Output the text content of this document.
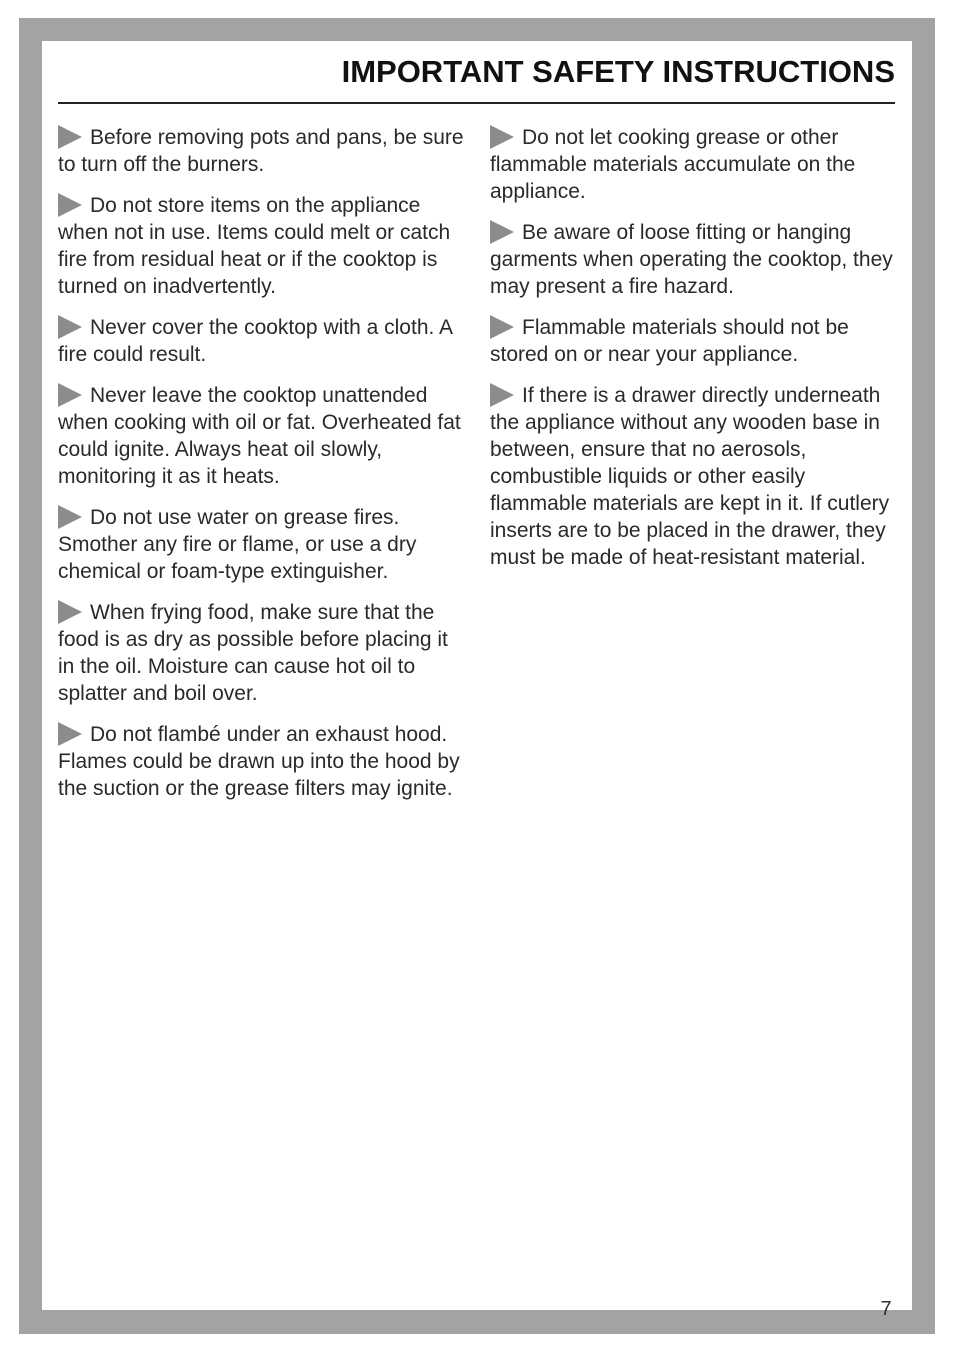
IMPORTANT SAFETY INSTRUCTIONS

Before removing pots and pans, be sure to turn off the burners.

Do not store items on the appliance when not in use. Items could melt or catch fire from residual heat or if the cooktop is turned on inadvertently.

Never cover the cooktop with a cloth. A fire could result.

Never leave the cooktop unattended when cooking with oil or fat. Overheated fat could ignite. Always heat oil slowly, monitoring it as it heats.

Do not use water on grease fires. Smother any fire or flame, or use a dry chemical or foam-type extinguisher.

When frying food, make sure that the food is as dry as possible before placing it in the oil. Moisture can cause hot oil to splatter and boil over.

Do not flambé under an exhaust hood. Flames could be drawn up into the hood by the suction or the grease filters may ignite.

Do not let cooking grease or other flammable materials accumulate on the appliance.

Be aware of loose fitting or hanging garments when operating the cooktop, they may present a fire hazard.

Flammable materials should not be stored on or near your appliance.

If there is a drawer directly underneath the appliance without any wooden base in between, ensure that no aerosols, combustible liquids or other easily flammable materials are kept in it. If cutlery inserts are to be placed in the drawer, they must be made of heat-resistant material.

7
